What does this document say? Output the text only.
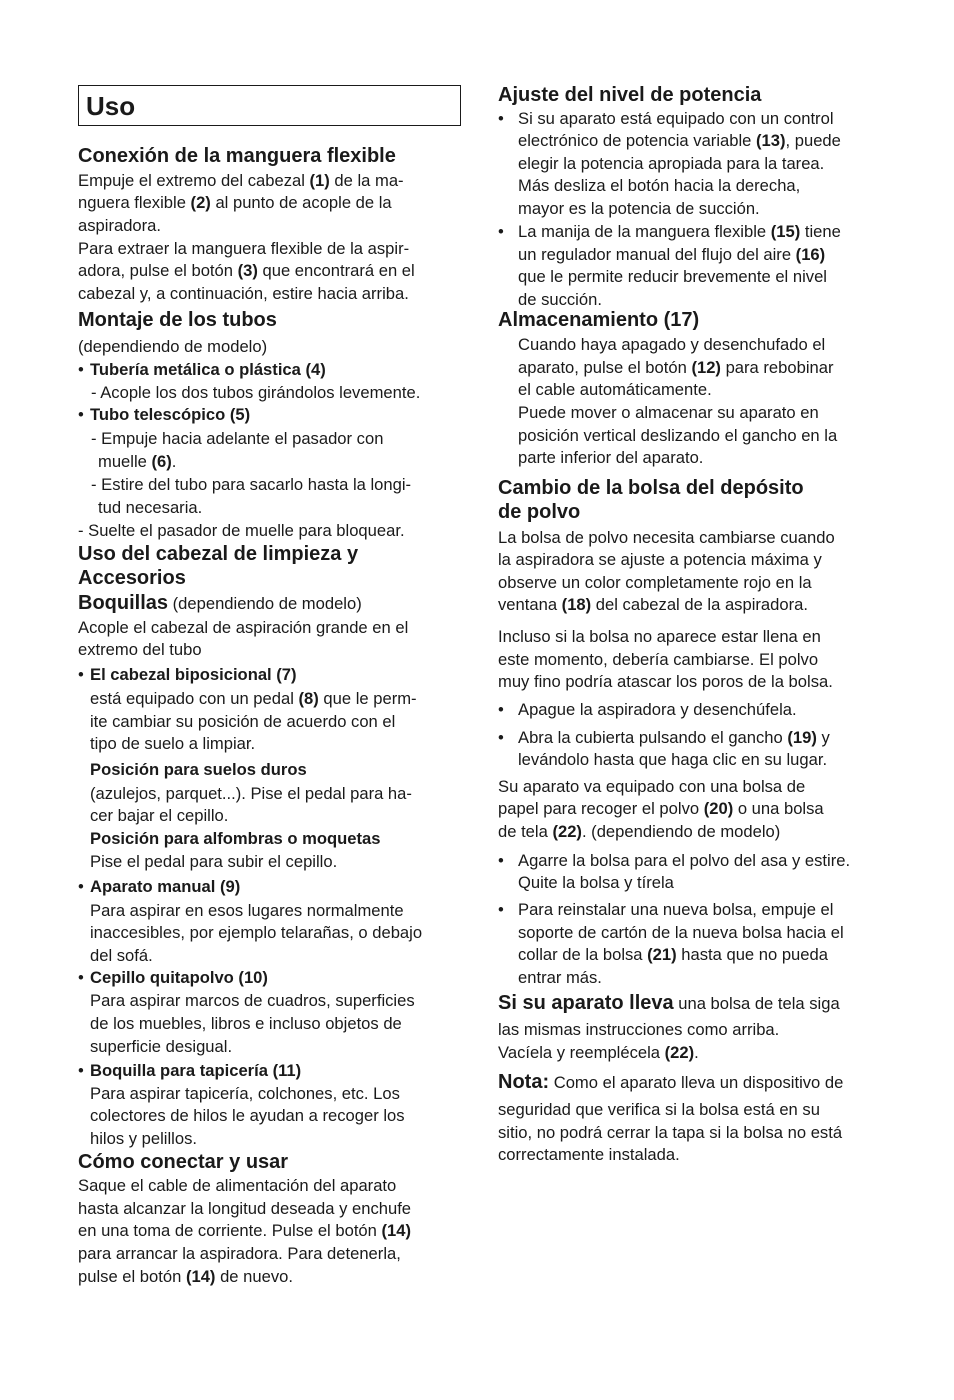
Uso
Conexión de la manguera flexible
Empuje el extremo del cabezal (1) de la ma-
nguera flexible (2) al punto de acople de la
aspiradora.
Para extraer la manguera flexible de la aspir-
adora, pulse el botón (3) que encontrará en el
cabezal y, a continuación, estire hacia arriba.
Montaje de los tubos
(dependiendo de modelo)
• Tubería metálica o plástica (4)
- Acople los dos tubos girándolos levemente.
• Tubo telescópico (5)
- Empuje hacia adelante el pasador con
muelle (6).
- Estire del tubo para sacarlo hasta la longi-
tud necesaria.
- Suelte el pasador de muelle para bloquear.
Uso del cabezal de limpieza y
Accesorios
Boquillas (dependiendo de modelo)
Acople el cabezal de aspiración grande en el
extremo del tubo
• El cabezal biposicional (7)
está equipado con un pedal (8) que le perm-
ite cambiar su posición de acuerdo con el
tipo de suelo a limpiar.
Posición para suelos duros
(azulejos, parquet...). Pise el pedal para ha-
cer bajar el cepillo.
Posición para alfombras o moquetas
Pise el pedal para subir el cepillo.
• Aparato manual (9)
Para aspirar en esos lugares normalmente
inaccesibles, por ejemplo telarañas, o debajo
del sofá.
• Cepillo quitapolvo (10)
Para aspirar marcos de cuadros, superficies
de los muebles, libros e incluso objetos de
superficie desigual.
• Boquilla para tapicería (11)
Para aspirar tapicería, colchones, etc. Los
colectores de hilos le ayudan a recoger los
hilos y pelillos.
Cómo conectar y usar
Saque el cable de alimentación del aparato
hasta alcanzar la longitud deseada y enchufe
en una toma de corriente. Pulse el botón (14)
para arrancar la aspiradora. Para detenerla,
pulse el botón (14) de nuevo.
Ajuste del nivel de potencia
• Si su aparato está equipado con un control
electrónico de potencia variable (13), puede
elegir la potencia apropiada para la tarea.
Más desliza el botón hacia la derecha,
mayor es la potencia de succión.
• La manija de la manguera flexible (15) tiene
un regulador manual del flujo del aire (16)
que le permite reducir brevemente el nivel
de succión.
Almacenamiento (17)
Cuando haya apagado y desenchufado el
aparato, pulse el botón (12) para rebobinar
el cable automáticamente.
Puede mover o almacenar su aparato en
posición vertical deslizando el gancho en la
parte inferior del aparato.
Cambio de la bolsa del depósito
de polvo
La bolsa de polvo necesita cambiarse cuando
la aspiradora se ajuste a potencia máxima y
observe un color completamente rojo en la
ventana (18) del cabezal de la aspiradora.
Incluso si la bolsa no aparece estar llena en
este momento, debería cambiarse. El polvo
muy fino podría atascar los poros de la bolsa.
• Apague la aspiradora y desenchúfela.
• Abra la cubierta pulsando el gancho (19) y
levándolo hasta que haga clic en su lugar.
Su aparato va equipado con una bolsa de
papel para recoger el polvo (20) o una bolsa
de tela (22). (dependiendo de modelo)
• Agarre la bolsa para el polvo del asa y estire.
Quite la bolsa y tírela
• Para reinstalar una nueva bolsa, empuje el
soporte de cartón de la nueva bolsa hacia el
collar de la bolsa (21) hasta que no pueda
entrar más.
Si su aparato lleva una bolsa de tela siga
las mismas instrucciones como arriba.
Vacíela y reemplécela (22).
Nota: Como el aparato lleva un dispositivo de
seguridad que verifica si la bolsa está en su
sitio, no podrá cerrar la tapa si la bolsa no está
correctamente instalada.
